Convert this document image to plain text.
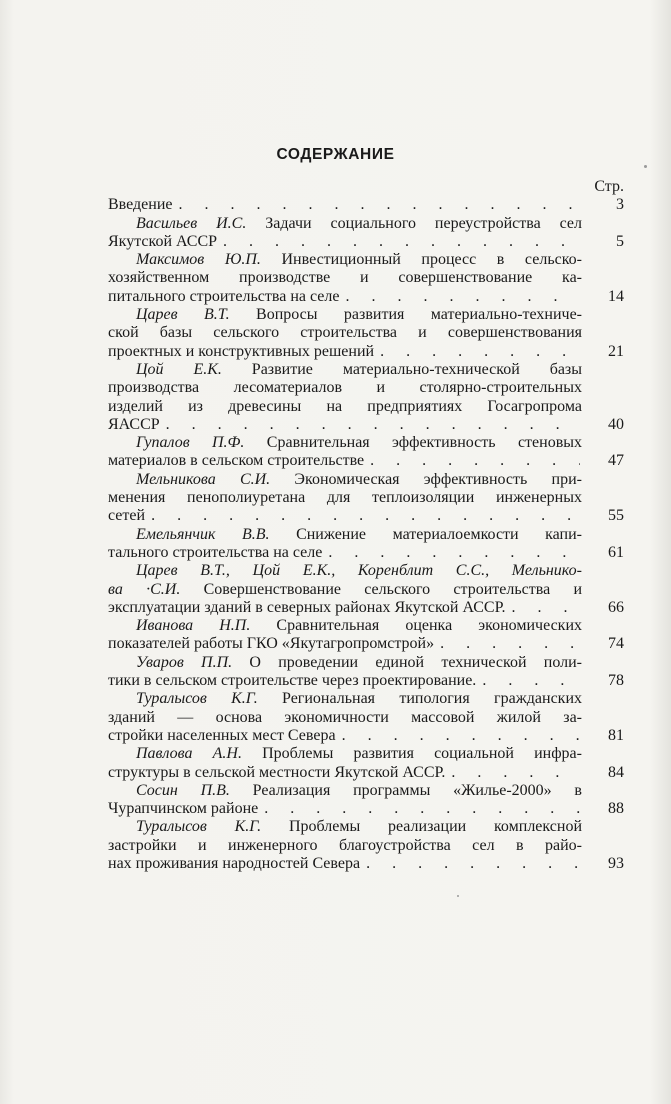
СОДЕРЖАНИЕ
Стр.
Введение . . .	3
Васильев И.С. Задачи социального переустройства сел
Якутской АССР . . .	5
Максимов Ю.П. Инвестиционный процесс в сельско-
хозяйственном производстве и совершенствование ка-
питального строительства на селе . . .	14
Царев В.Т. Вопросы развития материально-техниче-
ской базы сельского строительства и совершенствования
проектных и конструктивных решений . . .	21
Цой Е.К. Развитие материально-технической базы
производства лесоматериалов и столярно-строительных
изделий из древесины на предприятиях Госагропрома
ЯАССР . . .	40
Гупалов П.Ф. Сравнительная эффективность стеновых
материалов в сельском строительстве . . .	47
Мельникова С.И. Экономическая эффективность при-
менения пенополиуретана для теплоизоляции инженерных
сетей . . .	55
Емельянчик В.В. Снижение материалоемкости капи-
тального строительства на селе . . .	61
Царев В.Т., Цой Е.К., Коренблит С.С., Мельнико-
ва ·С.И. Совершенствование сельского строительства и
эксплуатации зданий в северных районах Якутской АССР. . . .	66
Иванова Н.П. Сравнительная оценка экономических
показателей работы ГКО «Якутагропромстрой» . . .	74
Уваров П.П. О проведении единой технической поли-
тики в сельском строительстве через проектирование. . . .	78
Туралысов К.Г. Региональная типология гражданских
зданий — основа экономичности массовой жилой за-
стройки населенных мест Севера . . .	81
Павлова А.Н. Проблемы развития социальной инфра-
структуры в сельской местности Якутской АССР. . . .	84
Сосин П.В. Реализация программы «Жилье-2000» в
Чурапчинском районе . . .	88
Туралысов К.Г. Проблемы реализации комплексной
застройки и инженерного благоустройства сел в райо-
нах проживания народностей Севера . . .	93
